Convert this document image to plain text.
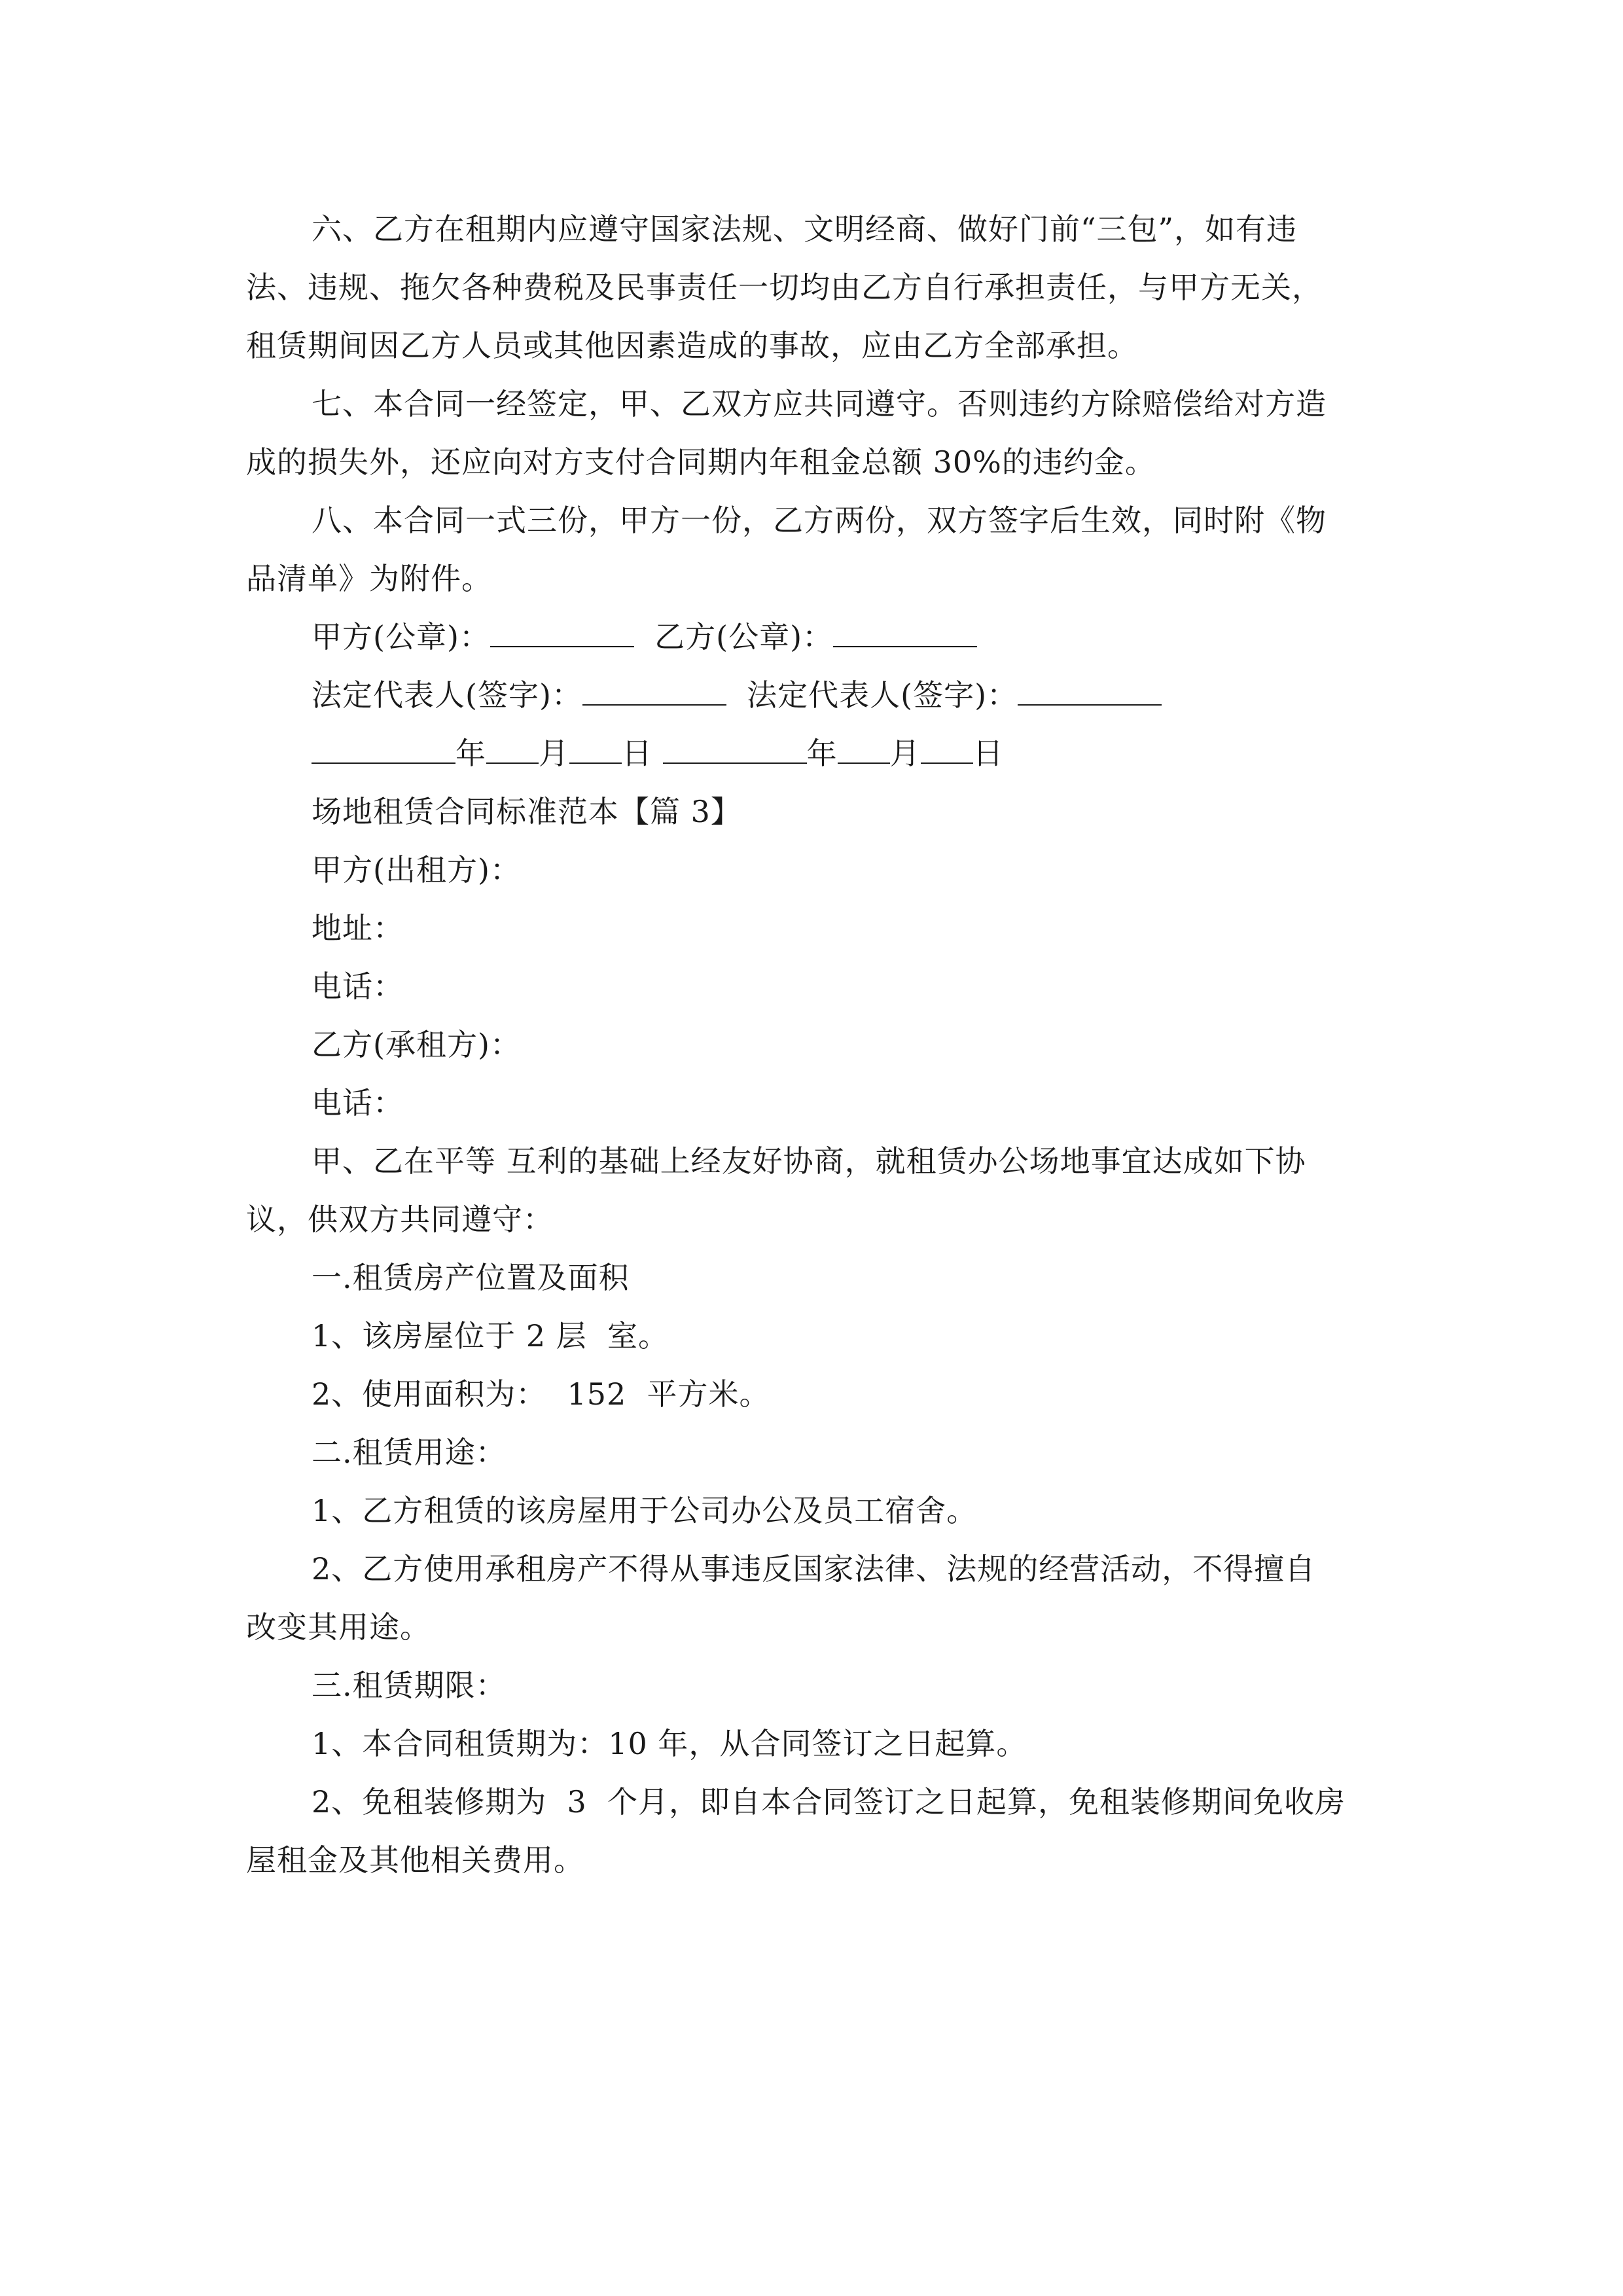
六、乙方在租期内应遵守国家法规、文明经商、做好门前“三包”，如有违
法、违规、拖欠各种费税及民事责任一切均由乙方自行承担责任，与甲方无关，
租赁期间因乙方人员或其他因素造成的事故，应由乙方全部承担。
七、本合同一经签定，甲、乙双方应共同遵守。否则违约方除赔偿给对方造
成的损失外，还应向对方支付合同期内年租金总额 30%的违约金。
八、本合同一式三份，甲方一份，乙方两份，双方签字后生效，同时附《物
品清单》为附件。
甲方(公章)：	乙方(公章)：
法定代表人(签字)：	法定代表人(签字)：
年 月 日	年 月 日
场地租赁合同标准范本【篇 3】
甲方(出租方)：
地址：
电话：
乙方(承租方)：
电话：
甲、乙在平等 互利的基础上经友好协商，就租赁办公场地事宜达成如下协
议，供双方共同遵守：
一.租赁房产位置及面积
1、该房屋位于 2 层  室。
2、使用面积为：  152  平方米。
二.租赁用途：
1、乙方租赁的该房屋用于公司办公及员工宿舍。
2、乙方使用承租房产不得从事违反国家法律、法规的经营活动，不得擅自
改变其用途。
三.租赁期限：
1、本合同租赁期为：10 年，从合同签订之日起算。
2、免租装修期为  3  个月，即自本合同签订之日起算，免租装修期间免收房
屋租金及其他相关费用。
